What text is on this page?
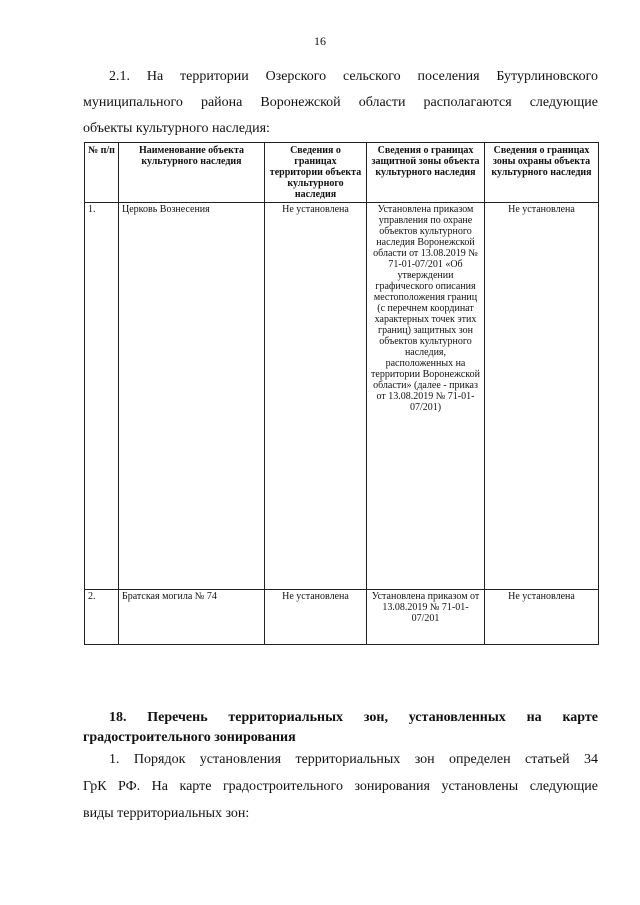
16

2.1. На территории Озерского сельского поселения Бутурлиновского
муниципального района Воронежской области располагаются следующие
объекты культурного наследия:

№ п/п	Наименование объекта культурного наследия	Сведения о границах территории объекта культурного наследия	Сведения о границах защитной зоны объекта культурного наследия	Сведения о границах зоны охраны объекта культурного наследия
1.	Церковь Вознесения	Не установлена	Установлена приказом управления по охране объектов культурного наследия Воронежской области от 13.08.2019 № 71-01-07/201 «Об утверждении графического описания местоположения границ (с перечнем координат характерных точек этих границ) защитных зон объектов культурного наследия, расположенных на территории Воронежской области» (далее - приказ от 13.08.2019 № 71-01-07/201)	Не установлена
2.	Братская могила № 74	Не установлена	Установлена приказом от 13.08.2019 № 71-01-07/201	Не установлена
18. Перечень территориальных зон, установленных на карте
градостроительного зонирования

1. Порядок установления территориальных зон определен статьей 34
ГрК РФ. На карте градостроительного зонирования установлены следующие
виды территориальных зон:
